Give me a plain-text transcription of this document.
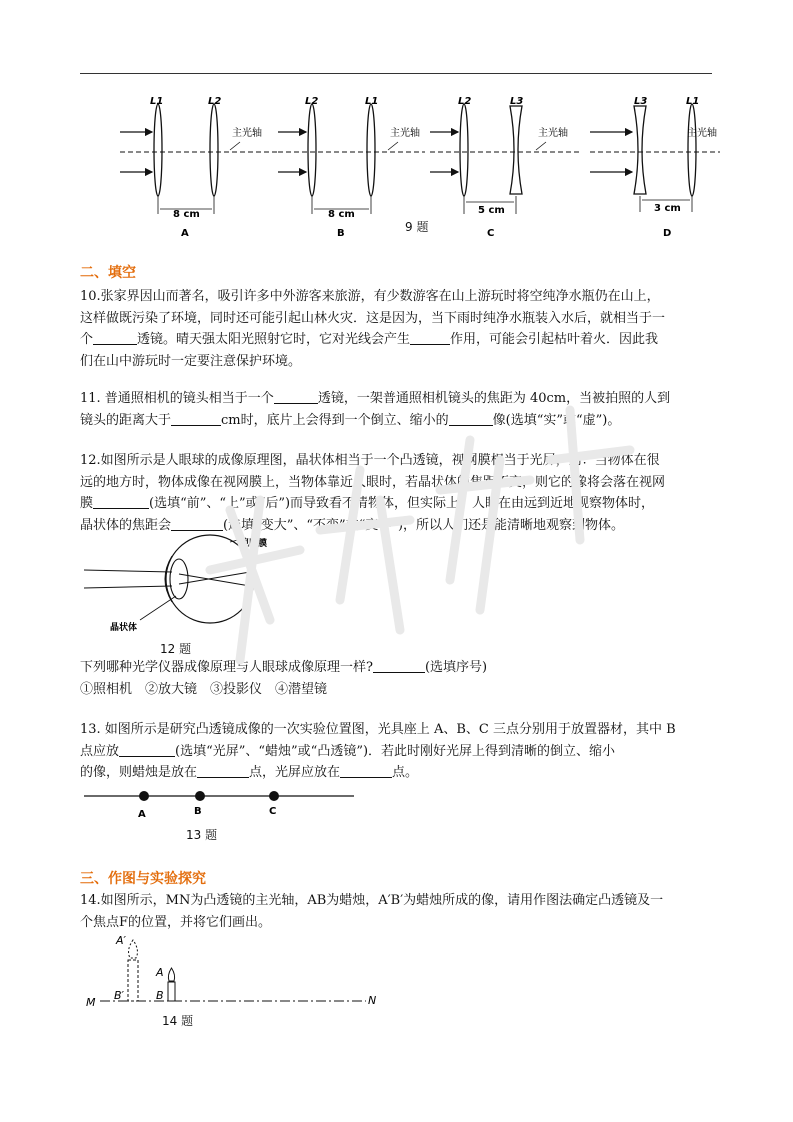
L1	L2
主光轴
8 cm
A
L2	L1
主光轴
8 cm
B
L2	L3
主光轴
5 cm
C
L3	L1
主光轴
3 cm
D
9 题
二、填空
10.张家界因山而著名，吸引许多中外游客来旅游，有少数游客在山上游玩时将空纯净水瓶仍在山上，
这样做既污染了环境，同时还可能引起山林火灾．这是因为，当下雨时纯净水瓶装入水后，就相当于一
个	透镜。晴天强太阳光照射它时，它对光线会产生	作用，可能会引起枯叶着火．因此我
们在山中游玩时一定要注意保护环境。
11. 普通照相机的镜头相当于一个	透镜，一架普通照相机镜头的焦距为 40cm，当被拍照的人到
镜头的距离大于	cm时，底片上会得到一个倒立、缩小的	像(选填“实”或“虚”)。
12.如图所示是人眼球的成像原理图，晶状体相当于一个凸透镜，视网膜相当于光屏，则：当物体在很
远的地方时，物体成像在视网膜上，当物体靠近人眼时，若晶状体的焦距不变，则它的像将会落在视网
膜	(选填“前”、“上”或“后”)而导致看不清物体，但实际上，人眼在由远到近地观察物体时，
晶状体的焦距会	(选填“变大”、“不变”或“变小”)，所以人们还是能清晰地观察到物体。
视网膜
晶状体
12 题
下列哪种光学仪器成像原理与人眼球成像原理一样?	(选填序号)
①照相机　②放大镜　③投影仪　④潜望镜
13. 如图所示是研究凸透镜成像的一次实验位置图，光具座上 A、B、C 三点分别用于放置器材，其中 B
点应放	(选填“光屏”、“蜡烛”或“凸透镜”)．若此时刚好光屏上得到清晰的倒立、缩小
的像，则蜡烛是放在	点，光屏应放在	点。
A	B	C
13 题
三、作图与实验探究
14.如图所示，MN为凸透镜的主光轴，AB为蜡烛，A′B′为蜡烛所成的像，请用作图法确定凸透镜及一
个焦点F的位置，并将它们画出。
A′
B′
A
B
M	N
14 题
